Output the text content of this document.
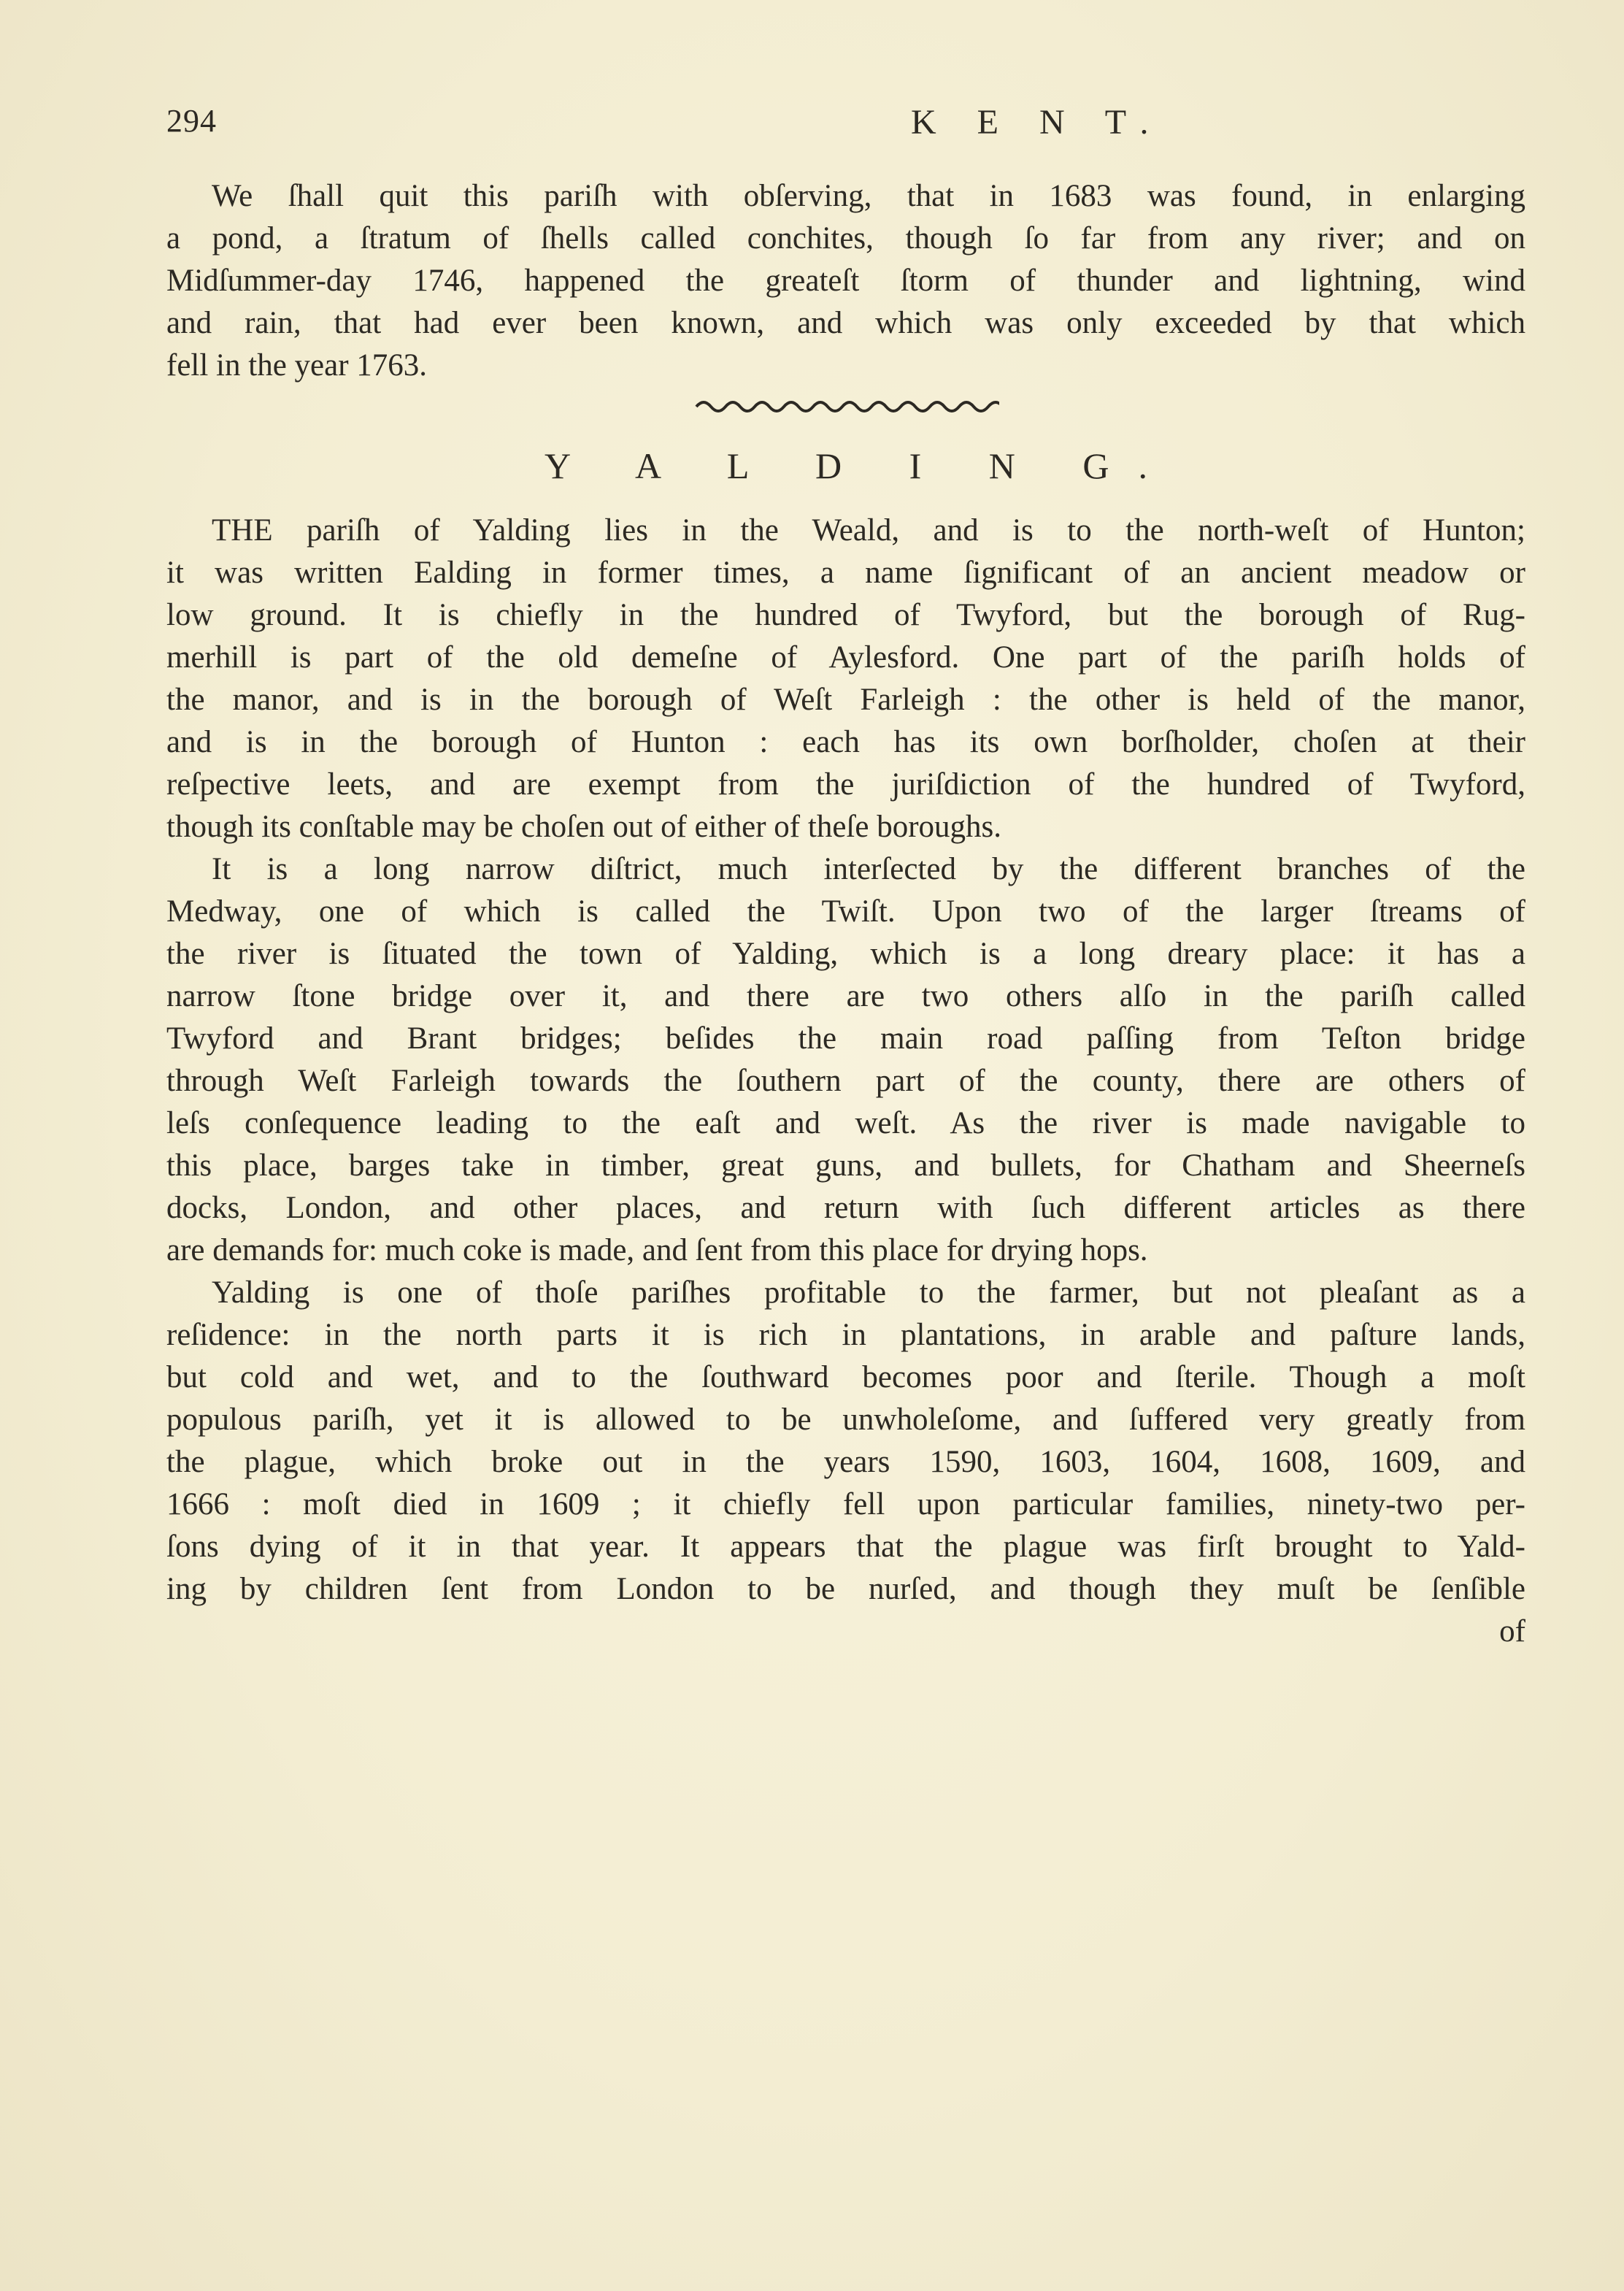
294	K E N T.
We ſhall quit this pariſh with obſerving, that in 1683 was found, in enlarging
a pond, a ſtratum of ſhells called conchites, though ſo far from any river; and on
Midſummer-day 1746, happened the greateſt ſtorm of thunder and lightning, wind
and rain, that had ever been known, and which was only exceeded by that which
fell in the year 1763.
Y A L D I N G.
THE pariſh of Yalding lies in the Weald, and is to the north-weſt of Hunton;
it was written Ealding in former times, a name ſignificant of an ancient meadow or
low ground. It is chiefly in the hundred of Twyford, but the borough of Rug-
merhill is part of the old demeſne of Aylesford. One part of the pariſh holds of
the manor, and is in the borough of Weſt Farleigh : the other is held of the manor,
and is in the borough of Hunton : each has its own borſholder, choſen at their
reſpective leets, and are exempt from the juriſdiction of the hundred of Twyford,
though its conſtable may be choſen out of either of theſe boroughs.
It is a long narrow diſtrict, much interſected by the different branches of the
Medway, one of which is called the Twiſt. Upon two of the larger ſtreams of
the river is ſituated the town of Yalding, which is a long dreary place: it has a
narrow ſtone bridge over it, and there are two others alſo in the pariſh called
Twyford and Brant bridges; beſides the main road paſſing from Teſton bridge
through Weſt Farleigh towards the ſouthern part of the county, there are others of
leſs conſequence leading to the eaſt and weſt. As the river is made navigable to
this place, barges take in timber, great guns, and bullets, for Chatham and Sheerneſs
docks, London, and other places, and return with ſuch different articles as there
are demands for: much coke is made, and ſent from this place for drying hops.
Yalding is one of thoſe pariſhes profitable to the farmer, but not pleaſant as a
reſidence: in the north parts it is rich in plantations, in arable and paſture lands,
but cold and wet, and to the ſouthward becomes poor and ſterile. Though a moſt
populous pariſh, yet it is allowed to be unwholeſome, and ſuffered very greatly from
the plague, which broke out in the years 1590, 1603, 1604, 1608, 1609, and
1666 : moſt died in 1609 ; it chiefly fell upon particular families, ninety-two per-
ſons dying of it in that year. It appears that the plague was firſt brought to Yald-
ing by children ſent from London to be nurſed, and though they muſt be ſenſible
of
